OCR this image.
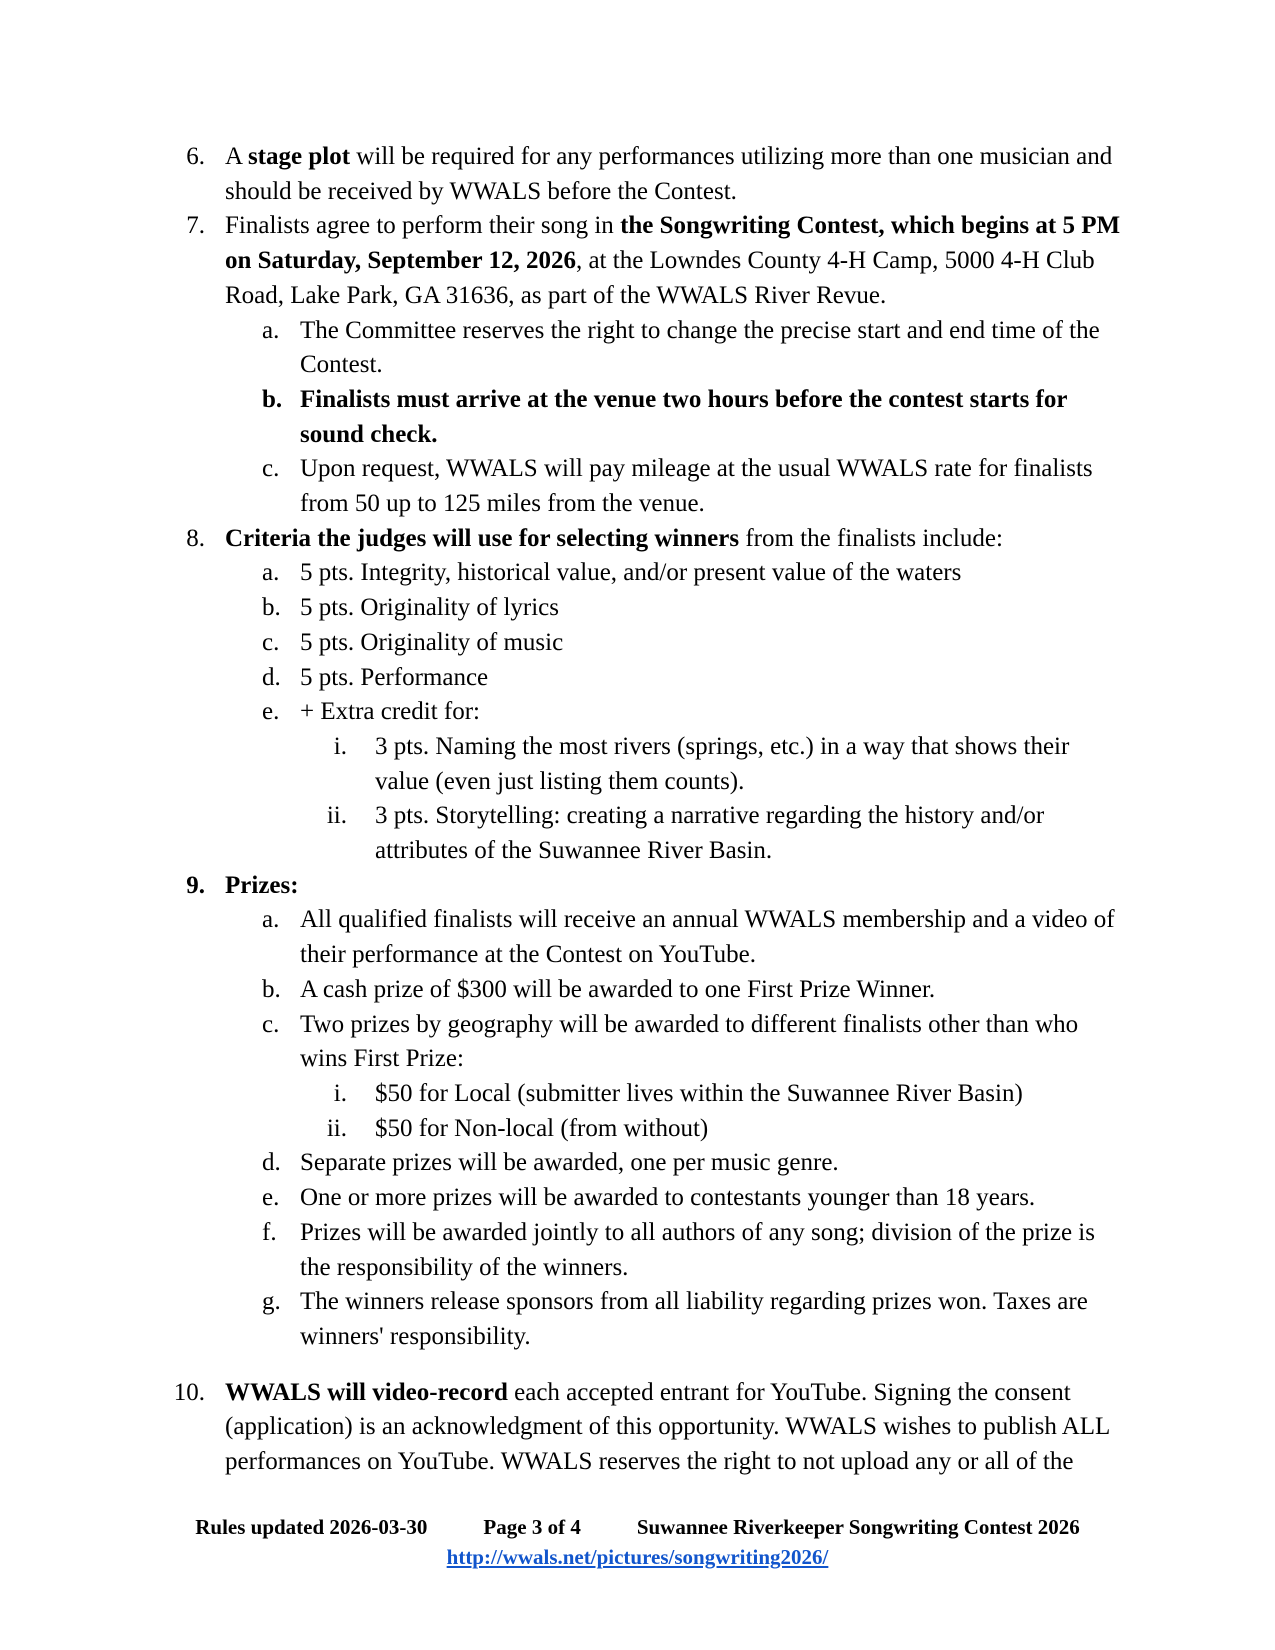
6. A stage plot will be required for any performances utilizing more than one musician and
should be received by WWALS before the Contest.
7. Finalists agree to perform their song in the Songwriting Contest, which begins at 5 PM
on Saturday, September 12, 2026, at the Lowndes County 4-H Camp, 5000 4-H Club
Road, Lake Park, GA 31636, as part of the WWALS River Revue.
a. The Committee reserves the right to change the precise start and end time of the
Contest.
b. Finalists must arrive at the venue two hours before the contest starts for
sound check.
c. Upon request, WWALS will pay mileage at the usual WWALS rate for finalists
from 50 up to 125 miles from the venue.
8. Criteria the judges will use for selecting winners from the finalists include:
a. 5 pts. Integrity, historical value, and/or present value of the waters
b. 5 pts. Originality of lyrics
c. 5 pts. Originality of music
d. 5 pts. Performance
e. + Extra credit for:
i. 3 pts. Naming the most rivers (springs, etc.) in a way that shows their
value (even just listing them counts).
ii. 3 pts. Storytelling: creating a narrative regarding the history and/or
attributes of the Suwannee River Basin.
9. Prizes:
a. All qualified finalists will receive an annual WWALS membership and a video of
their performance at the Contest on YouTube.
b. A cash prize of $300 will be awarded to one First Prize Winner.
c. Two prizes by geography will be awarded to different finalists other than who
wins First Prize:
i. $50 for Local (submitter lives within the Suwannee River Basin)
ii. $50 for Non-local (from without)
d. Separate prizes will be awarded, one per music genre.
e. One or more prizes will be awarded to contestants younger than 18 years.
f. Prizes will be awarded jointly to all authors of any song; division of the prize is
the responsibility of the winners.
g. The winners release sponsors from all liability regarding prizes won. Taxes are
winners' responsibility.
10. WWALS will video-record each accepted entrant for YouTube. Signing the consent
(application) is an acknowledgment of this opportunity. WWALS wishes to publish ALL
performances on YouTube. WWALS reserves the right to not upload any or all of the
Rules updated 2026-03-30	Page 3 of 4	Suwannee Riverkeeper Songwriting Contest 2026
http://wwals.net/pictures/songwriting2026/
